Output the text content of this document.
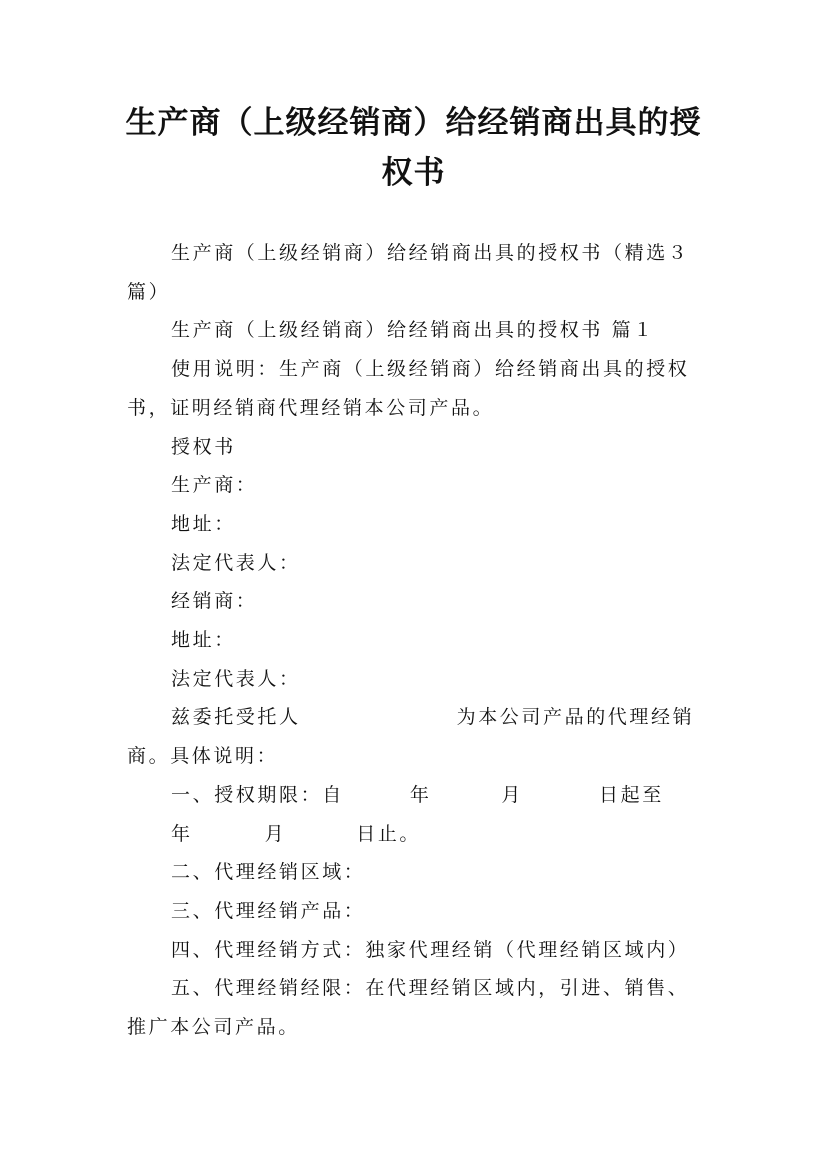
生产商（上级经销商）给经销商出具的授权书

生产商（上级经销商）给经销商出具的授权书（精选３篇）

生产商（上级经销商）给经销商出具的授权书 篇１

使用说明：生产商（上级经销商）给经销商出具的授权书，证明经销商代理经销本公司产品。

授权书

生产商：

地址：

法定代表人：

经销商：

地址：

法定代表人：

兹委托受托人	为本公司产品的代理经销商。具体说明：

一、授权期限：自	年	月	日起至年	月	日止。

二、代理经销区域：

三、代理经销产品：

四、代理经销方式：独家代理经销（代理经销区域内）

五、代理经销经限：在代理经销区域内，引进、销售、推广本公司产品。
